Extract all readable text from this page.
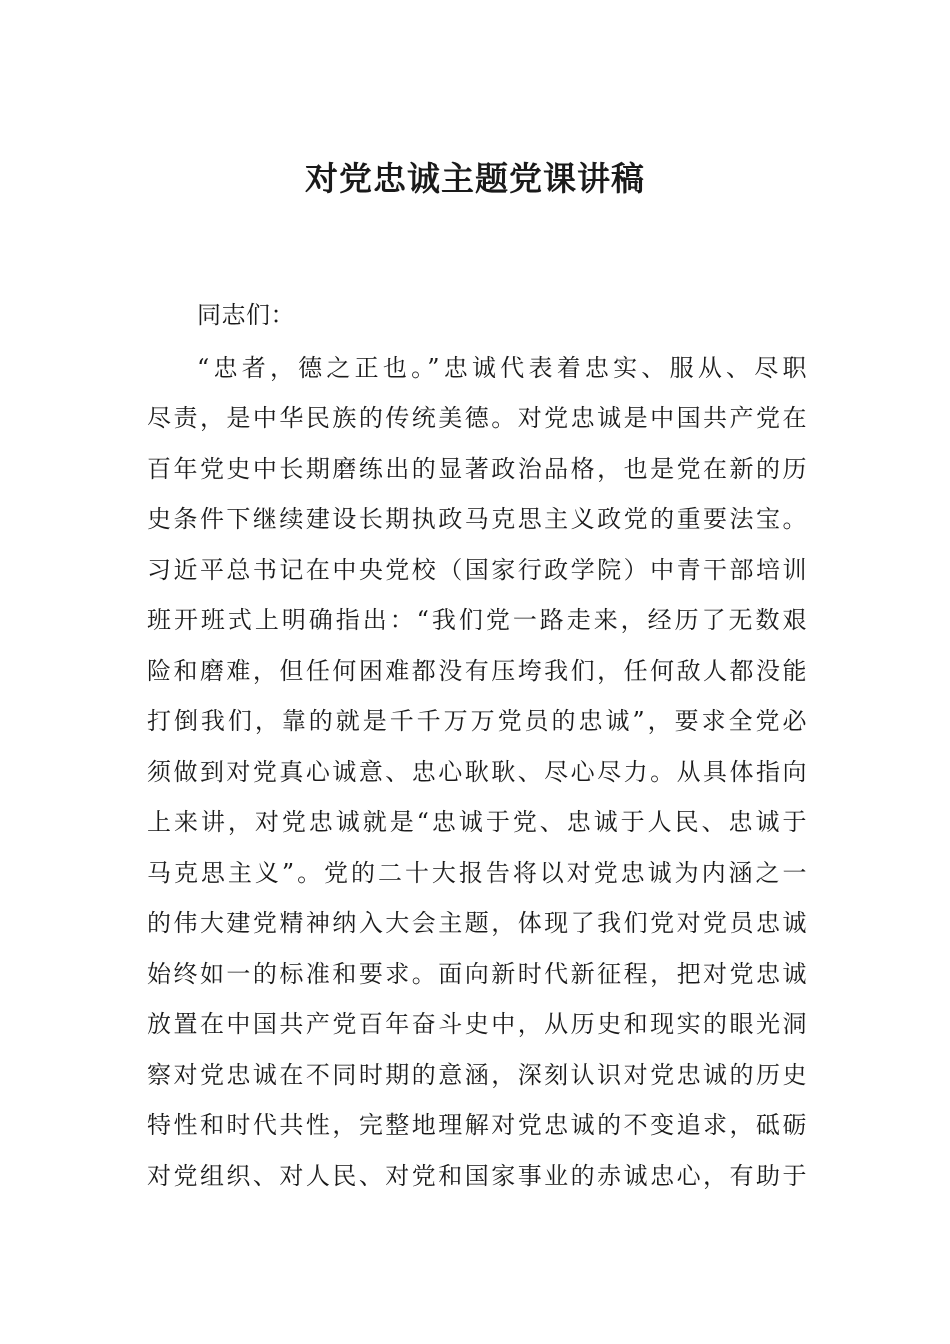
对党忠诚主题党课讲稿
同志们：
“忠者，德之正也。”忠诚代表着忠实、服从、尽职
尽责，是中华民族的传统美德。对党忠诚是中国共产党在
百年党史中长期磨练出的显著政治品格，也是党在新的历
史条件下继续建设长期执政马克思主义政党的重要法宝。
习近平总书记在中央党校（国家行政学院）中青干部培训
班开班式上明确指出：“我们党一路走来，经历了无数艰
险和磨难，但任何困难都没有压垮我们，任何敌人都没能
打倒我们，靠的就是千千万万党员的忠诚”，要求全党必
须做到对党真心诚意、忠心耿耿、尽心尽力。从具体指向
上来讲，对党忠诚就是“忠诚于党、忠诚于人民、忠诚于
马克思主义”。党的二十大报告将以对党忠诚为内涵之一
的伟大建党精神纳入大会主题，体现了我们党对党员忠诚
始终如一的标准和要求。面向新时代新征程，把对党忠诚
放置在中国共产党百年奋斗史中，从历史和现实的眼光洞
察对党忠诚在不同时期的意涵，深刻认识对党忠诚的历史
特性和时代共性，完整地理解对党忠诚的不变追求，砥砺
对党组织、对人民、对党和国家事业的赤诚忠心，有助于
